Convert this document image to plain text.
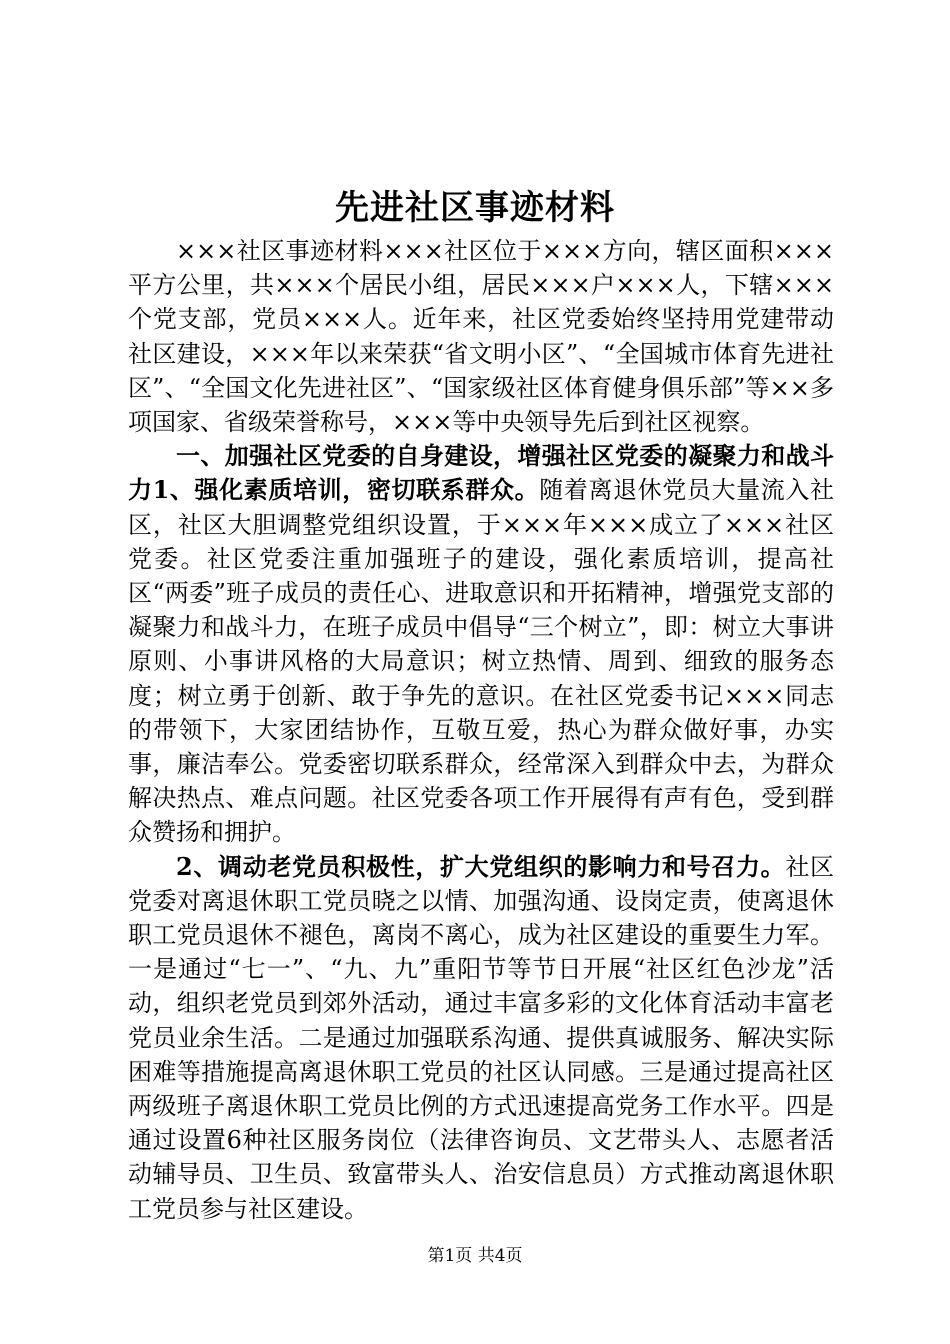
先进社区事迹材料

×××社区事迹材料×××社区位于×××方向，辖区面积×××平方公里，共×××个居民小组，居民×××户×××人，下辖×××个党支部，党员×××人。近年来，社区党委始终坚持用党建带动社区建设，×××年以来荣获“省文明小区”、“全国城市体育先进社区”、“全国文化先进社区”、“国家级社区体育健身俱乐部”等××多项国家、省级荣誉称号，×××等中央领导先后到社区视察。

一、加强社区党委的自身建设，增强社区党委的凝聚力和战斗力1、强化素质培训，密切联系群众。随着离退休党员大量流入社区，社区大胆调整党组织设置，于×××年×××成立了×××社区党委。社区党委注重加强班子的建设，强化素质培训，提高社区“两委”班子成员的责任心、进取意识和开拓精神，增强党支部的凝聚力和战斗力，在班子成员中倡导“三个树立”，即：树立大事讲原则、小事讲风格的大局意识；树立热情、周到、细致的服务态度；树立勇于创新、敢于争先的意识。在社区党委书记×××同志的带领下，大家团结协作，互敬互爱，热心为群众做好事，办实事，廉洁奉公。党委密切联系群众，经常深入到群众中去，为群众解决热点、难点问题。社区党委各项工作开展得有声有色，受到群众赞扬和拥护。

2、调动老党员积极性，扩大党组织的影响力和号召力。社区党委对离退休职工党员晓之以情、加强沟通、设岗定责，使离退休职工党员退休不褪色，离岗不离心，成为社区建设的重要生力军。一是通过“七一”、“九、九”重阳节等节日开展“社区红色沙龙”活动，组织老党员到郊外活动，通过丰富多彩的文化体育活动丰富老党员业余生活。二是通过加强联系沟通、提供真诚服务、解决实际困难等措施提高离退休职工党员的社区认同感。三是通过提高社区两级班子离退休职工党员比例的方式迅速提高党务工作水平。四是通过设置6种社区服务岗位（法律咨询员、文艺带头人、志愿者活动辅导员、卫生员、致富带头人、治安信息员）方式推动离退休职工党员参与社区建设。

第1页 共4页
